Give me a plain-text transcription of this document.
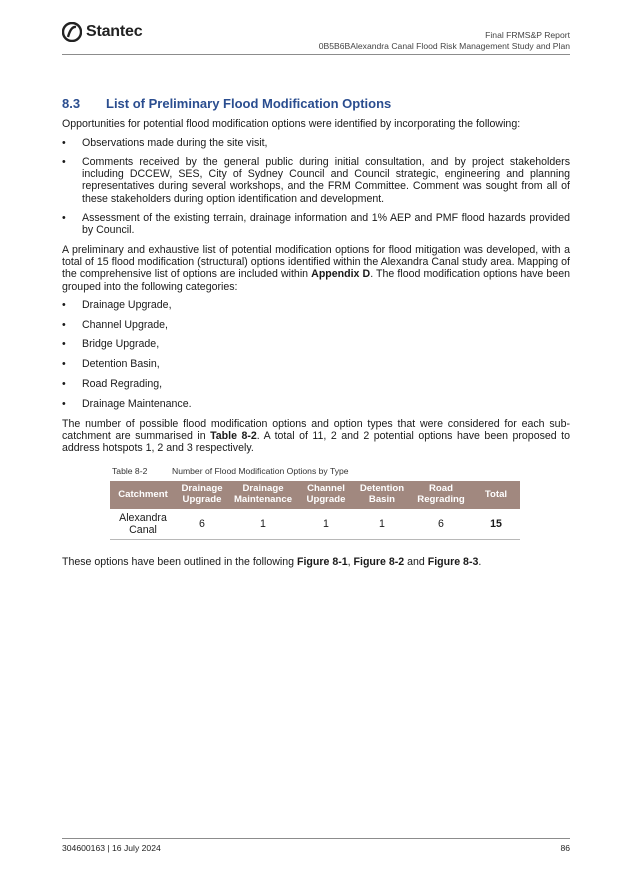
Stantec	Final FRMS&P Report
0B5B6BAlexandra Canal Flood Risk Management Study and Plan
8.3	List of Preliminary Flood Modification Options

Opportunities for potential flood modification options were identified by incorporating the following:

• Observations made during the site visit,
• Comments received by the general public during initial consultation, and by project stakeholders including DCCEW, SES, City of Sydney Council and Council strategic, engineering and planning representatives during several workshops, and the FRM Committee. Comment was sought from all of these stakeholders during option identification and development.
• Assessment of the existing terrain, drainage information and 1% AEP and PMF flood hazards provided by Council.

A preliminary and exhaustive list of potential modification options for flood mitigation was developed, with a total of 15 flood modification (structural) options identified within the Alexandra Canal study area. Mapping of the comprehensive list of options are included within Appendix D. The flood modification options have been grouped into the following categories:

• Drainage Upgrade,
• Channel Upgrade,
• Bridge Upgrade,
• Detention Basin,
• Road Regrading,
• Drainage Maintenance.

The number of possible flood modification options and option types that were considered for each sub-catchment are summarised in Table 8-2. A total of 11, 2 and 2 potential options have been proposed to address hotspots 1, 2 and 3 respectively.

Table 8-2	Number of Flood Modification Options by Type
Catchment	Drainage Upgrade	Drainage Maintenance	Channel Upgrade	Detention Basin	Road Regrading	Total
Alexandra Canal	6	1	1	1	6	15

These options have been outlined in the following Figure 8-1, Figure 8-2 and Figure 8-3.

304600163 | 16 July 2024	86
